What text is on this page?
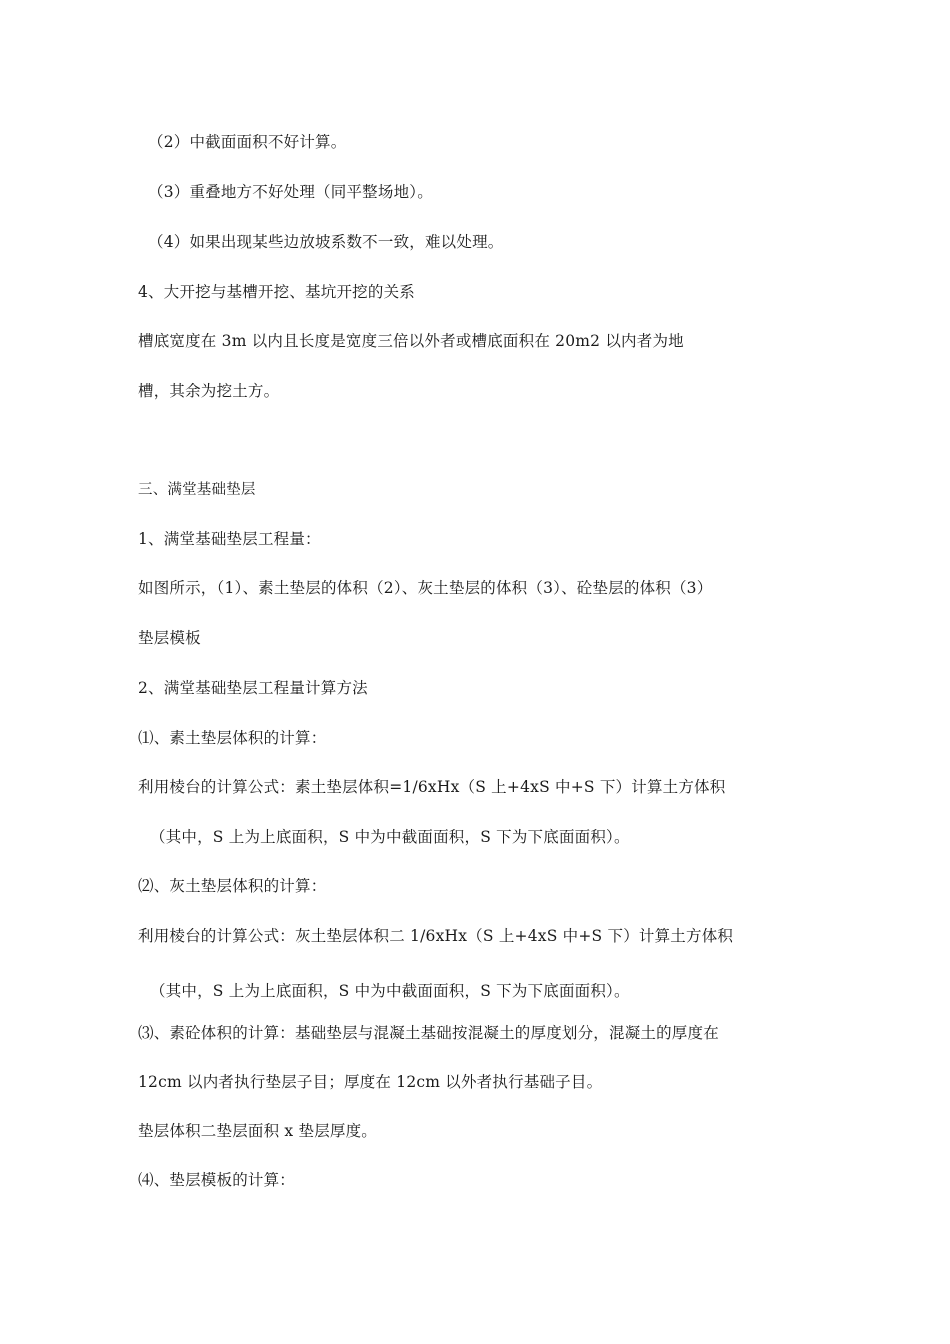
（2）中截面面积不好计算。
（3）重叠地方不好处理（同平整场地）。
（4）如果出现某些边放坡系数不一致，难以处理。
4、大开挖与基槽开挖、基坑开挖的关系
槽底宽度在 3m 以内且长度是宽度三倍以外者或槽底面积在 20m2 以内者为地
槽，其余为挖土方。
三、满堂基础垫层
1、满堂基础垫层工程量：
如图所示，（1）、素土垫层的体积（2）、灰土垫层的体积（3）、砼垫层的体积（3）
垫层模板
2、满堂基础垫层工程量计算方法
⑴、素土垫层体积的计算：
利用棱台的计算公式：素土垫层体积=1/6xHx（S 上+4xS 中+S 下）计算土方体积
（其中，S 上为上底面积，S 中为中截面面积，S 下为下底面面积）。
⑵、灰土垫层体积的计算：
利用棱台的计算公式：灰土垫层体积二 1/6xHx（S 上+4xS 中+S 下）计算土方体积
（其中，S 上为上底面积，S 中为中截面面积，S 下为下底面面积）。
⑶、素砼体积的计算：基础垫层与混凝土基础按混凝土的厚度划分，混凝土的厚度在
12cm 以内者执行垫层子目；厚度在 12cm 以外者执行基础子目。
垫层体积二垫层面积 x 垫层厚度。
⑷、垫层模板的计算：
